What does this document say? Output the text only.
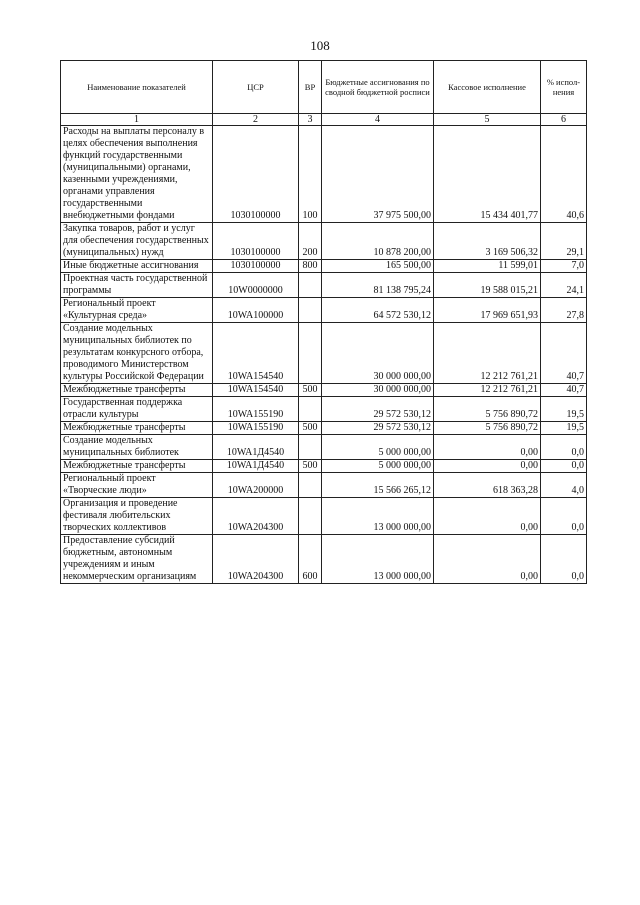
108
Наименование показателей	ЦСР	ВР	Бюджетные ассигнования по сводной бюджетной росписи	Кассовое исполнение	% испол-нения
1	2	3	4	5	6
Расходы на выплаты персоналу в целях обеспечения выполнения функций государственными (муниципальными) органами, казенными учреждениями, органами управления государственными внебюджетными фондами	1030100000	100	37 975 500,00	15 434 401,77	40,6
Закупка товаров, работ и услуг для обеспечения государственных (муниципальных) нужд	1030100000	200	10 878 200,00	3 169 506,32	29,1
Иные бюджетные ассигнования	1030100000	800	165 500,00	11 599,01	7,0
Проектная часть государственной программы	10W0000000		81 138 795,24	19 588 015,21	24,1
Региональный проект «Культурная среда»	10WA100000		64 572 530,12	17 969 651,93	27,8
Создание модельных муниципальных библиотек по результатам конкурсного отбора, проводимого Министерством культуры Российской Федерации	10WA154540		30 000 000,00	12 212 761,21	40,7
Межбюджетные трансферты	10WA154540	500	30 000 000,00	12 212 761,21	40,7
Государственная поддержка отрасли культуры	10WA155190		29 572 530,12	5 756 890,72	19,5
Межбюджетные трансферты	10WA155190	500	29 572 530,12	5 756 890,72	19,5
Создание модельных муниципальных библиотек	10WA1Д4540		5 000 000,00	0,00	0,0
Межбюджетные трансферты	10WA1Д4540	500	5 000 000,00	0,00	0,0
Региональный проект «Творческие люди»	10WA200000		15 566 265,12	618 363,28	4,0
Организация и проведение фестиваля любительских творческих коллективов	10WA204300		13 000 000,00	0,00	0,0
Предоставление субсидий бюджетным, автономным учреждениям и иным некоммерческим организациям	10WA204300	600	13 000 000,00	0,00	0,0
